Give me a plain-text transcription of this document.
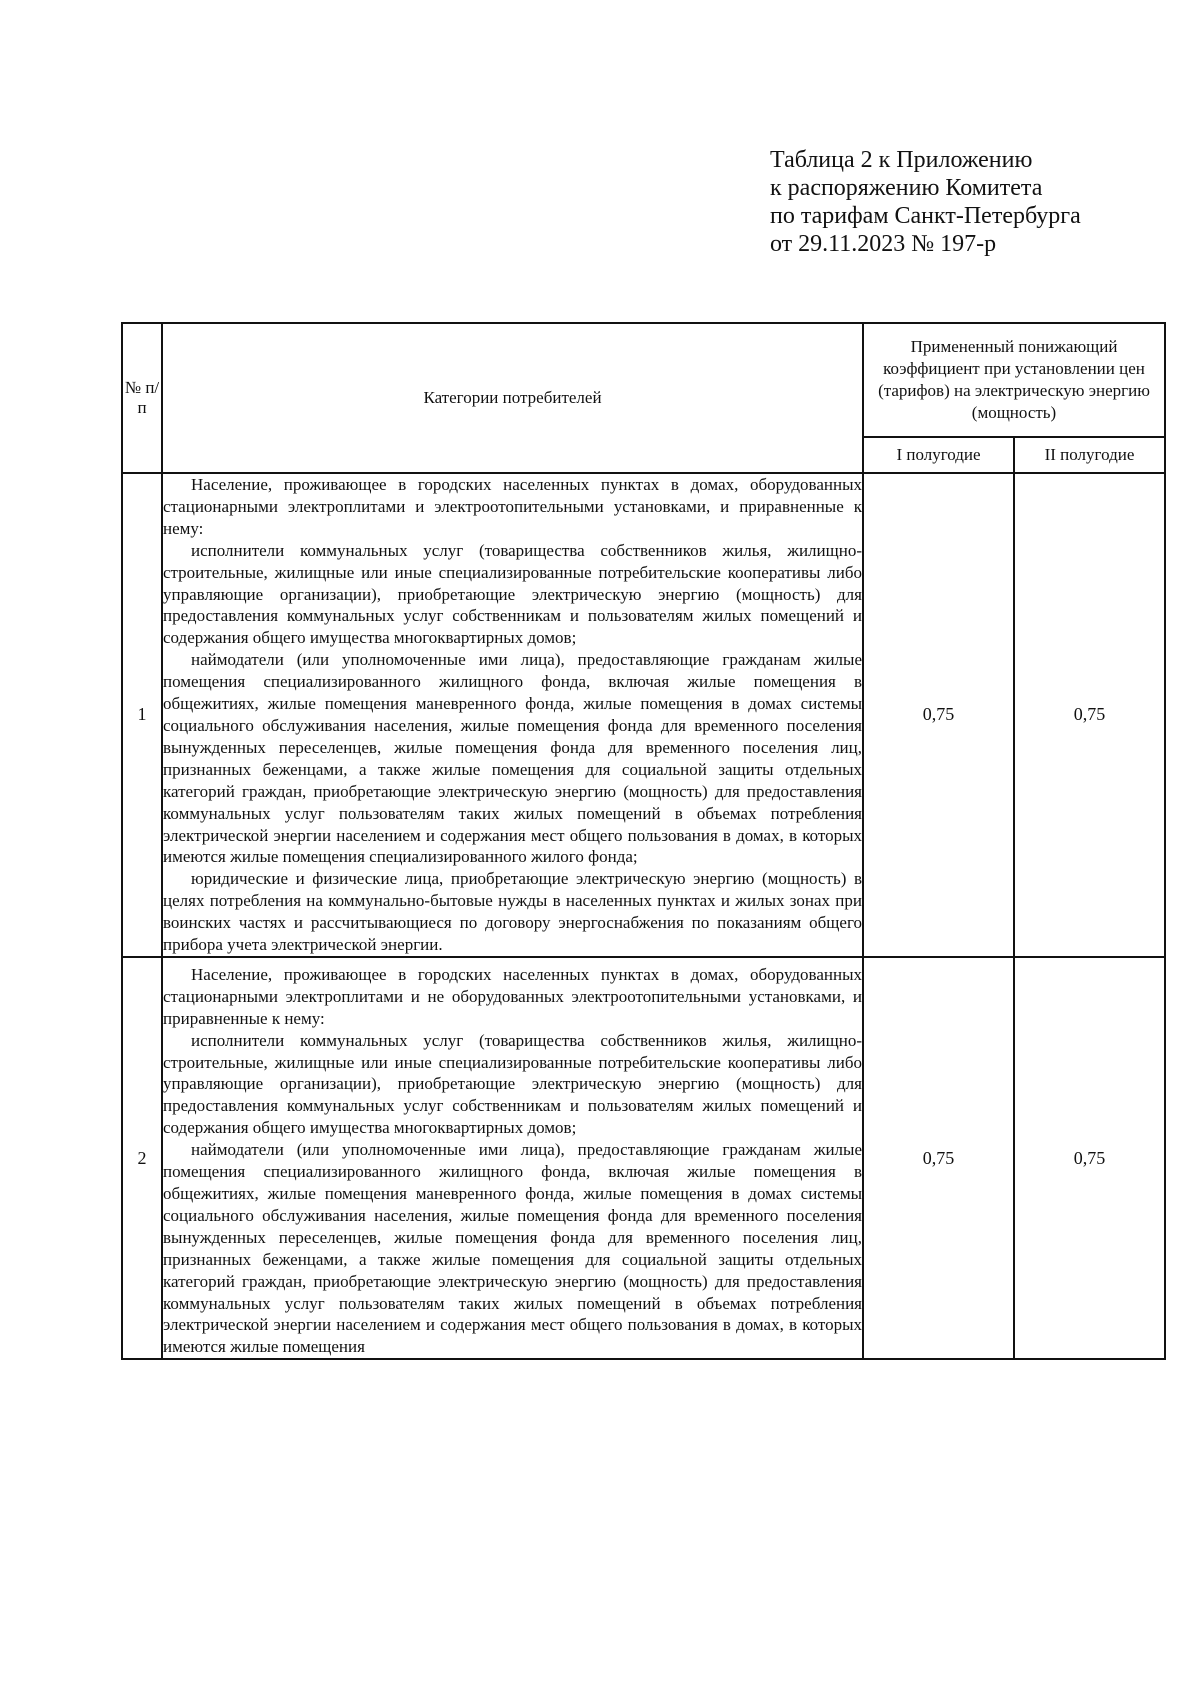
Таблица 2 к Приложению
к распоряжению Комитета
по тарифам Санкт-Петербурга
от 29.11.2023 № 197-р
№ п/п	Категории потребителей	Примененный понижающий коэффициент при установлении цен (тарифов) на электрическую энергию (мощность)	
		I полугодие	II полугодие
1	Население, проживающее в городских населенных пунктах в домах, оборудованных стационарными электроплитами и электроотопительными установками, и приравненные к нему:

исполнители коммунальных услуг (товарищества собственников жилья, жилищно-строительные, жилищные или иные специализированные потребительские кооперативы либо управляющие организации), приобретающие электрическую энергию (мощность) для предоставления коммунальных услуг собственникам и пользователям жилых помещений и содержания общего имущества многоквартирных домов;

наймодатели (или уполномоченные ими лица), предоставляющие гражданам жилые помещения специализированного жилищного фонда, включая жилые помещения в общежитиях, жилые помещения маневренного фонда, жилые помещения в домах системы социального обслуживания населения, жилые помещения фонда для временного поселения вынужденных переселенцев, жилые помещения фонда для временного поселения лиц, признанных беженцами, а также жилые помещения для социальной защиты отдельных категорий граждан, приобретающие электрическую энергию (мощность) для предоставления коммунальных услуг пользователям таких жилых помещений в объемах потребления электрической энергии населением и содержания мест общего пользования в домах, в которых имеются жилые помещения специализированного жилого фонда;

юридические и физические лица, приобретающие электрическую энергию (мощность) в целях потребления на коммунально-бытовые нужды в населенных пунктах и жилых зонах при воинских частях и рассчитывающиеся по договору энергоснабжения по показаниям общего прибора учета электрической энергии.	0,75	0,75
2	Население, проживающее в городских населенных пунктах в домах, оборудованных стационарными электроплитами и не оборудованных электроотопительными установками, и приравненные к нему:

исполнители коммунальных услуг (товарищества собственников жилья, жилищно-строительные, жилищные или иные специализированные потребительские кооперативы либо управляющие организации), приобретающие электрическую энергию (мощность) для предоставления коммунальных услуг собственникам и пользователям жилых помещений и содержания общего имущества многоквартирных домов;

наймодатели (или уполномоченные ими лица), предоставляющие гражданам жилые помещения специализированного жилищного фонда, включая жилые помещения в общежитиях, жилые помещения маневренного фонда, жилые помещения в домах системы социального обслуживания населения, жилые помещения фонда для временного поселения вынужденных переселенцев, жилые помещения фонда для временного поселения лиц, признанных беженцами, а также жилые помещения для социальной защиты отдельных категорий граждан, приобретающие электрическую энергию (мощность) для предоставления коммунальных услуг пользователям таких жилых помещений в объемах потребления электрической энергии населением и содержания мест общего пользования в домах, в которых имеются жилые помещения	0,75	0,75
